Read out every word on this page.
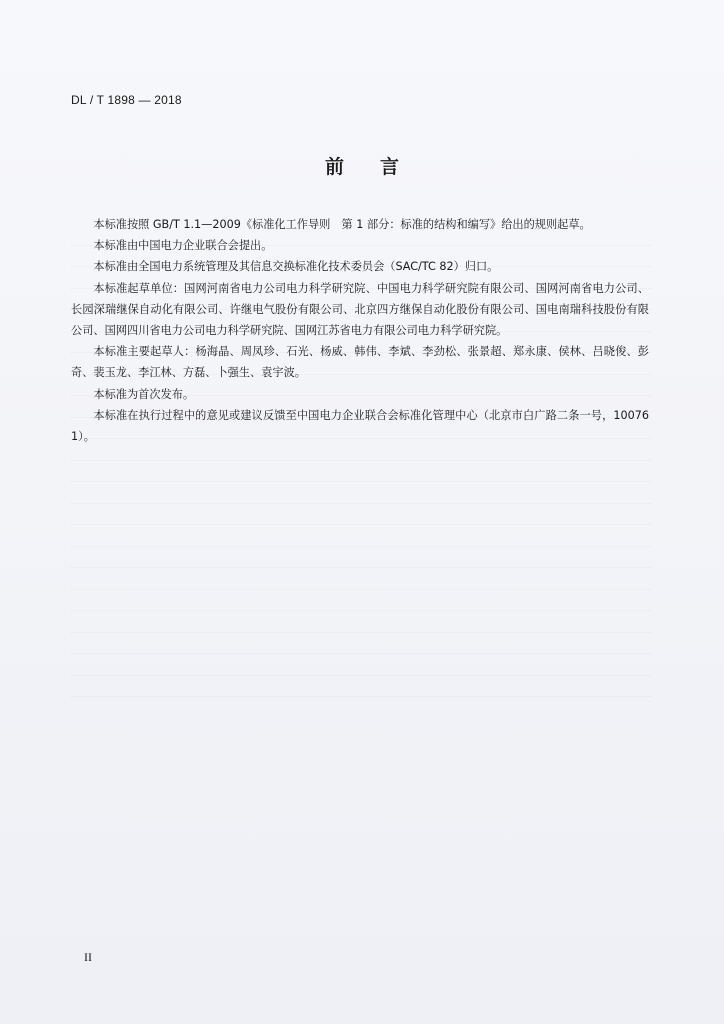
DL / T 1898 — 2018
前 言

本标准按照 GB/T 1.1—2009《标准化工作导则　第 1 部分：标准的结构和编写》给出的规则起草。

本标准由中国电力企业联合会提出。

本标准由全国电力系统管理及其信息交换标准化技术委员会（SAC/TC 82）归口。

本标准起草单位：国网河南省电力公司电力科学研究院、中国电力科学研究院有限公司、国网河南省电力公司、长园深瑞继保自动化有限公司、许继电气股份有限公司、北京四方继保自动化股份有限公司、国电南瑞科技股份有限公司、国网四川省电力公司电力科学研究院、国网江苏省电力有限公司电力科学研究院。

本标准主要起草人：杨海晶、周凤珍、石光、杨威、韩伟、李斌、李劲松、张景超、郑永康、侯林、吕晓俊、彭奇、裴玉龙、李江林、方磊、卜强生、袁宇波。

本标准为首次发布。

本标准在执行过程中的意见或建议反馈至中国电力企业联合会标准化管理中心（北京市白广路二条一号，100761）。

II
